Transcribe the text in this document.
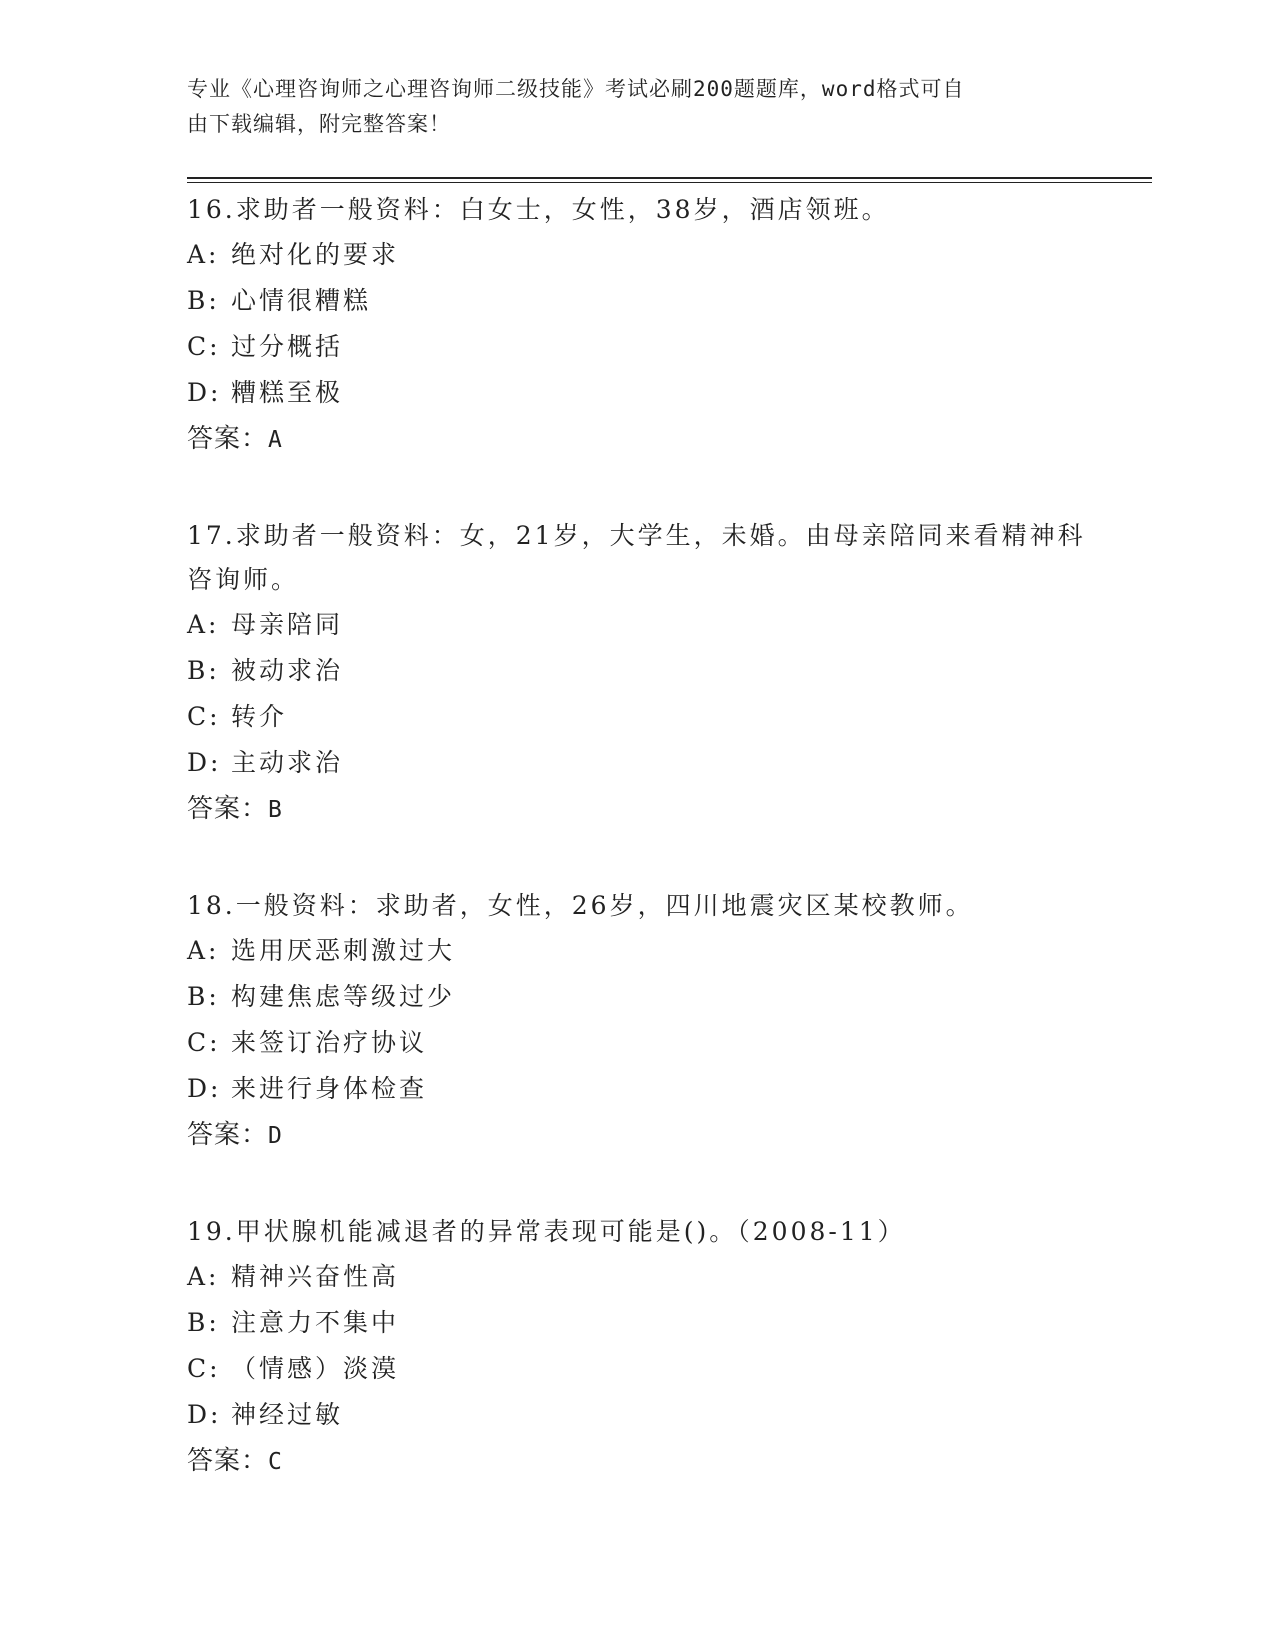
专业《心理咨询师之心理咨询师二级技能》考试必刷200题题库，word格式可自
由下载编辑，附完整答案！

16.求助者一般资料：白女士，女性，38岁，酒店领班。

A: 绝对化的要求

B: 心情很糟糕

C: 过分概括

D: 糟糕至极

答案：A

17.求助者一般资料：女，21岁，大学生，未婚。由母亲陪同来看精神科咨询师。

A: 母亲陪同

B: 被动求治

C: 转介

D: 主动求治

答案：B

18.一般资料：求助者，女性，26岁，四川地震灾区某校教师。

A: 选用厌恶刺激过大

B: 构建焦虑等级过少

C: 来签订治疗协议

D: 来进行身体检查

答案：D

19.甲状腺机能减退者的异常表现可能是()。（2008-11）

A: 精神兴奋性高

B: 注意力不集中

C: （情感）淡漠

D: 神经过敏

答案：C
